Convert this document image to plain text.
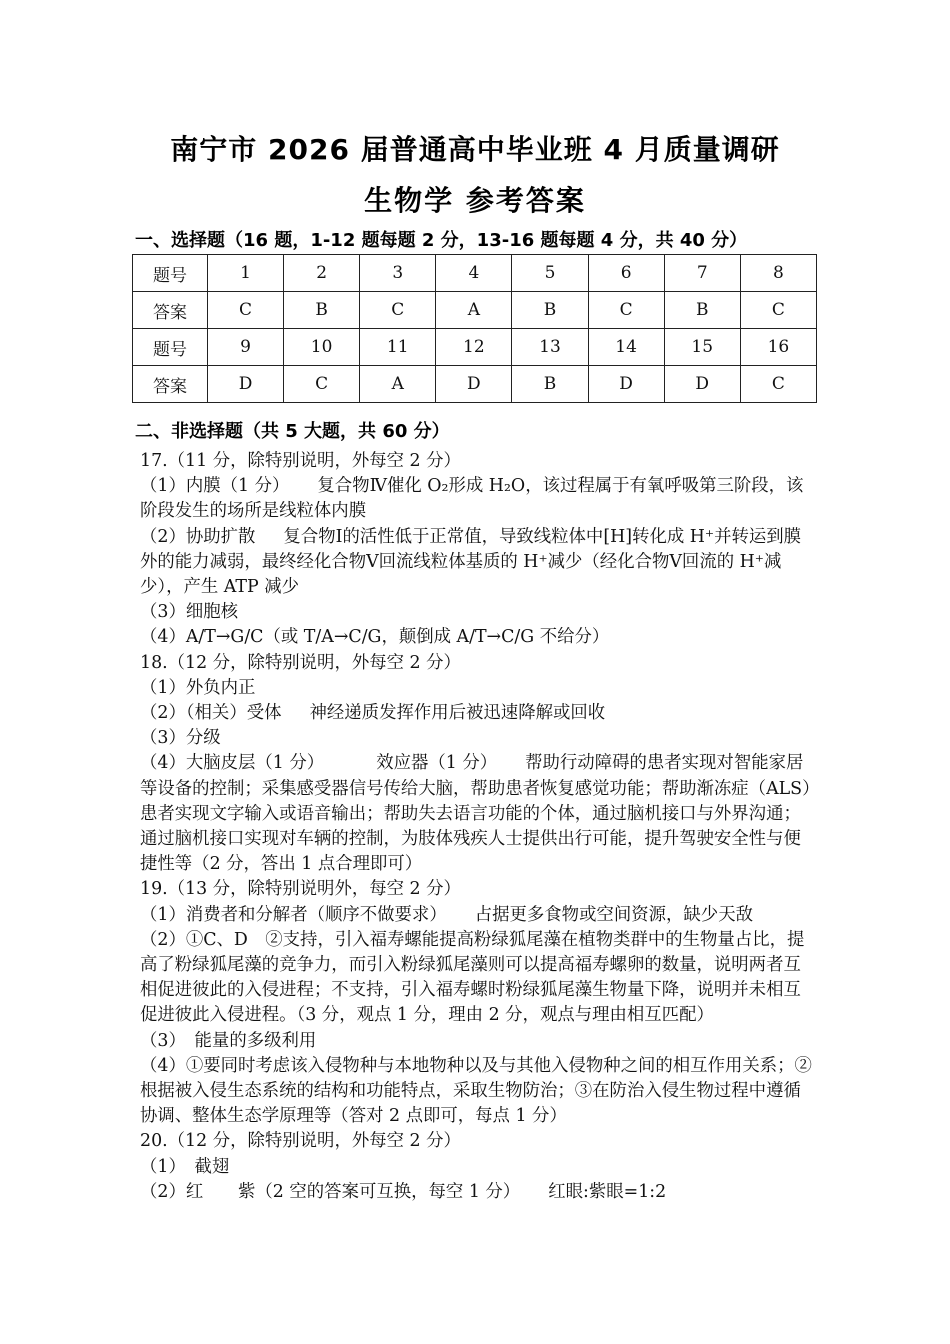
南宁市 2026 届普通高中毕业班 4 月质量调研
生物学 参考答案
一、选择题（16 题，1-12 题每题 2 分，13-16 题每题 4 分，共 40 分）
题号	1	2	3	4	5	6	7	8
答案	C	B	C	A	B	C	B	C
题号	9	10	11	12	13	14	15	16
答案	D	C	A	D	B	D	D	C
二、非选择题（共 5 大题，共 60 分）

17.（11 分，除特别说明，外每空 2 分）

（1）内膜（1 分） 复合物Ⅳ催化 O₂形成 H₂O，该过程属于有氧呼吸第三阶段，该阶段发生的场所是线粒体内膜

（2）协助扩散 复合物Ⅰ的活性低于正常值，导致线粒体中[H]转化成 H⁺并转运到膜外的能力减弱，最终经化合物Ⅴ回流线粒体基质的 H⁺减少（经化合物Ⅴ回流的 H⁺减少），产生 ATP 减少

（3）细胞核

（4）A/T→G/C（或 T/A→C/G，颠倒成 A/T→C/G 不给分）

18.（12 分，除特别说明，外每空 2 分）

（1）外负内正

（2）（相关）受体 神经递质发挥作用后被迅速降解或回收

（3）分级

（4）大脑皮层（1 分）	效应器（1 分） 帮助行动障碍的患者实现对智能家居等设备的控制；采集感受器信号传给大脑，帮助患者恢复感觉功能；帮助渐冻症（ALS）患者实现文字输入或语音输出；帮助失去语言功能的个体，通过脑机接口与外界沟通；通过脑机接口实现对车辆的控制，为肢体残疾人士提供出行可能，提升驾驶安全性与便捷性等（2 分，答出 1 点合理即可）

19.（13 分，除特别说明外，每空 2 分）

（1）消费者和分解者（顺序不做要求） 占据更多食物或空间资源，缺少天敌

（2）①C、D　②支持，引入福寿螺能提高粉绿狐尾藻在植物类群中的生物量占比，提高了粉绿狐尾藻的竞争力，而引入粉绿狐尾藻则可以提高福寿螺卵的数量，说明两者互相促进彼此的入侵进程；不支持，引入福寿螺时粉绿狐尾藻生物量下降，说明并未相互促进彼此入侵进程。（3 分，观点 1 分，理由 2 分，观点与理由相互匹配）

（3）　能量的多级利用

（4）①要同时考虑该入侵物种与本地物种以及与其他入侵物种之间的相互作用关系；②根据被入侵生态系统的结构和功能特点，采取生物防治；③在防治入侵生物过程中遵循协调、整体生态学原理等（答对 2 点即可，每点 1 分）

20.（12 分，除特别说明，外每空 2 分）

（1）　截翅

（2）红　　紫（2 空的答案可互换，每空 1 分） 红眼:紫眼=1:2
